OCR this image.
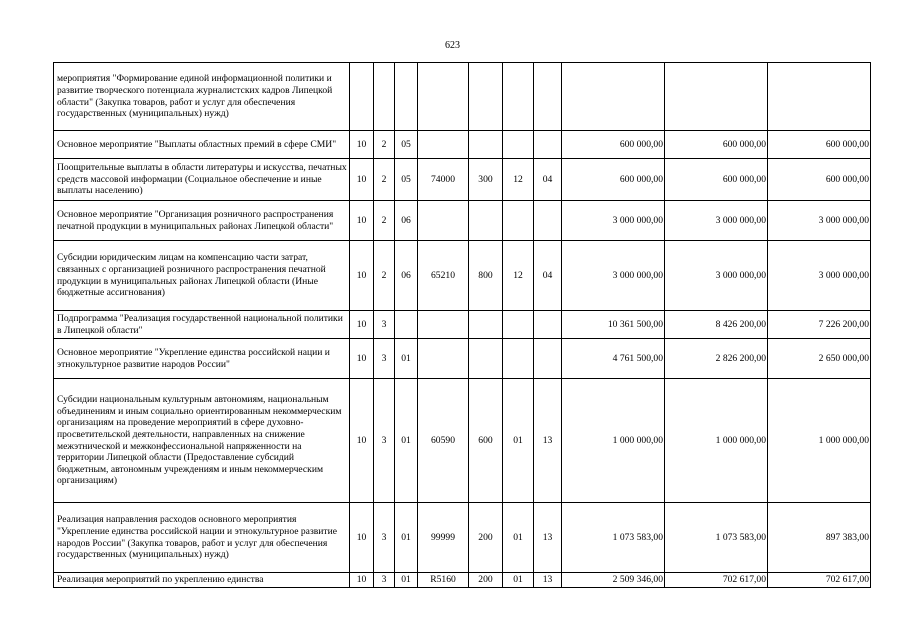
623
мероприятия "Формирование единой информационной политики и развитие творческого потенциала журналистских кадров Липецкой области" (Закупка товаров, работ и услуг для обеспечения государственных (муниципальных) нужд)										
Основное мероприятие "Выплаты областных премий в сфере СМИ"	10	2	05					600 000,00	600 000,00	600 000,00
Поощрительные выплаты в области литературы и искусства, печатных средств массовой информации (Социальное обеспечение и иные выплаты населению)	10	2	05	74000	300	12	04	600 000,00	600 000,00	600 000,00
Основное мероприятие "Организация розничного распространения печатной продукции в муниципальных районах Липецкой области"	10	2	06					3 000 000,00	3 000 000,00	3 000 000,00
Субсидии юридическим лицам на компенсацию части затрат, связанных с организацией розничного распространения печатной продукции в муниципальных районах Липецкой области (Иные бюджетные ассигнования)	10	2	06	65210	800	12	04	3 000 000,00	3 000 000,00	3 000 000,00
Подпрограмма "Реализация государственной национальной политики в Липецкой области"	10	3						10 361 500,00	8 426 200,00	7 226 200,00
Основное мероприятие "Укрепление единства российской нации и этнокультурное развитие народов России"	10	3	01					4 761 500,00	2 826 200,00	2 650 000,00
Субсидии национальным культурным автономиям, национальным объединениям и иным социально ориентированным некоммерческим организациям на проведение мероприятий в сфере духовно-просветительской деятельности, направленных на снижение межэтнической и межконфессиональной напряженности на территории Липецкой области (Предоставление субсидий бюджетным, автономным учреждениям и иным некоммерческим организациям)	10	3	01	60590	600	01	13	1 000 000,00	1 000 000,00	1 000 000,00
Реализация направления расходов основного мероприятия "Укрепление единства российской нации и этнокультурное развитие народов России" (Закупка товаров, работ и услуг для обеспечения государственных (муниципальных) нужд)	10	3	01	99999	200	01	13	1 073 583,00	1 073 583,00	897 383,00
Реализация мероприятий по укреплению единства	10	3	01	R5160	200	01	13	2 509 346,00	702 617,00	702 617,00
